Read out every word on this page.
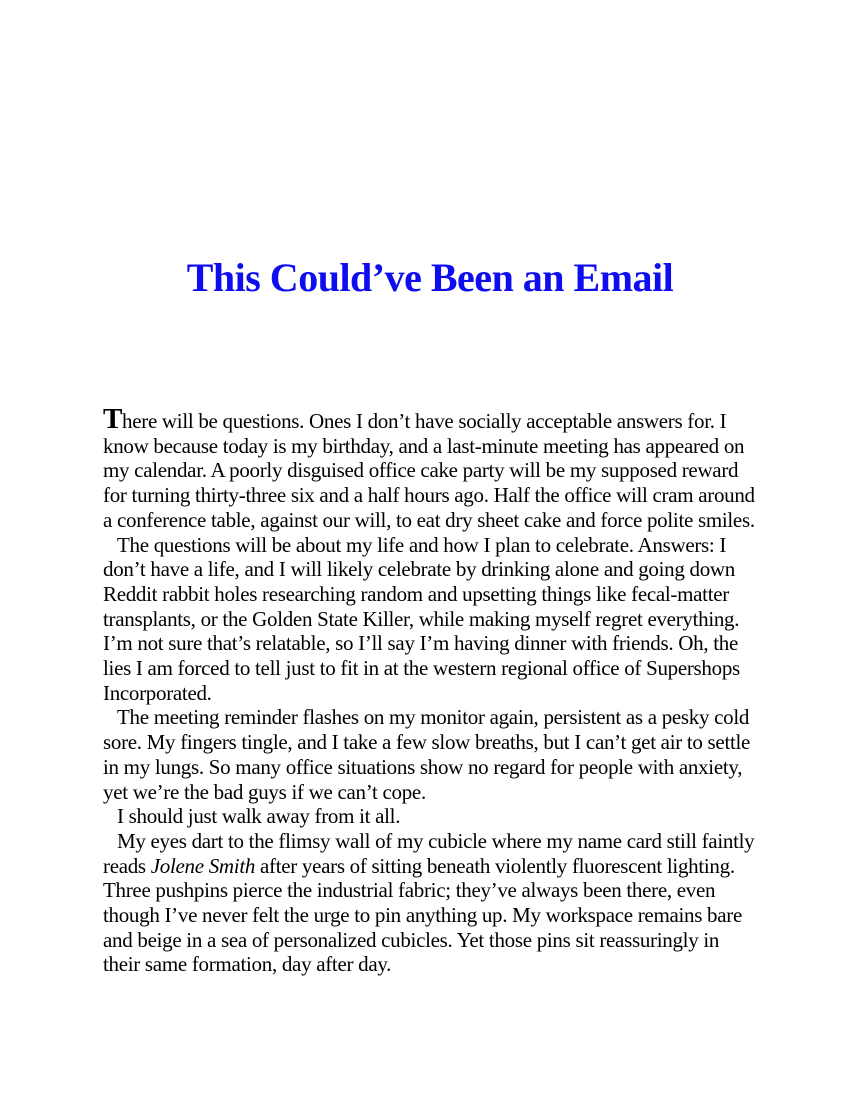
This Could’ve Been an Email

There will be questions. Ones I don’t have socially acceptable answers for. I know because today is my birthday, and a last-minute meeting has appeared on my calendar. A poorly disguised office cake party will be my supposed reward for turning thirty-three six and a half hours ago. Half the office will cram around a conference table, against our will, to eat dry sheet cake and force polite smiles.

The questions will be about my life and how I plan to celebrate. Answers: I don’t have a life, and I will likely celebrate by drinking alone and going down Reddit rabbit holes researching random and upsetting things like fecal-matter transplants, or the Golden State Killer, while making myself regret everything. I’m not sure that’s relatable, so I’ll say I’m having dinner with friends. Oh, the lies I am forced to tell just to fit in at the western regional office of Supershops Incorporated.

The meeting reminder flashes on my monitor again, persistent as a pesky cold sore. My fingers tingle, and I take a few slow breaths, but I can’t get air to settle in my lungs. So many office situations show no regard for people with anxiety, yet we’re the bad guys if we can’t cope.

I should just walk away from it all.

My eyes dart to the flimsy wall of my cubicle where my name card still faintly reads Jolene Smith after years of sitting beneath violently fluorescent lighting. Three pushpins pierce the industrial fabric; they’ve always been there, even though I’ve never felt the urge to pin anything up. My workspace remains bare and beige in a sea of personalized cubicles. Yet those pins sit reassuringly in their same formation, day after day.
